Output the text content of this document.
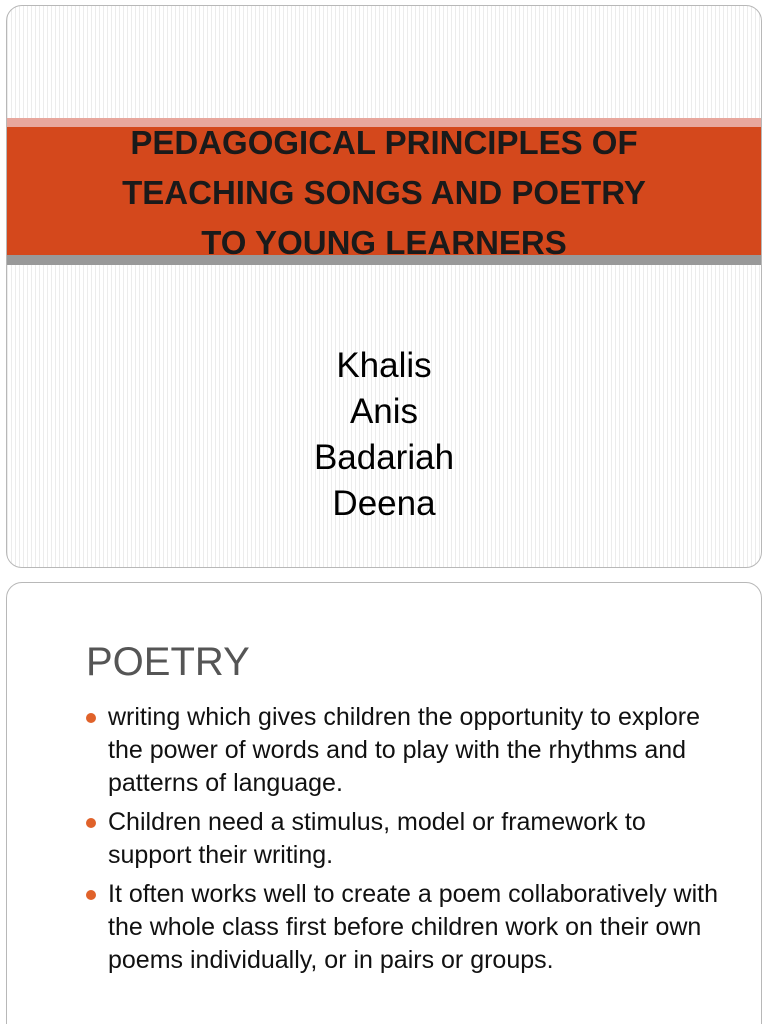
PEDAGOGICAL PRINCIPLES OF
TEACHING SONGS AND POETRY
TO YOUNG LEARNERS
Khalis
Anis
Badariah
Deena
POETRY
writing which gives children the opportunity to explore the power of words and to play with the rhythms and patterns of language.
Children need a stimulus, model or framework to support their writing.
It often works well to create a poem collaboratively with the whole class first before children work on their own poems individually, or in pairs or groups.
